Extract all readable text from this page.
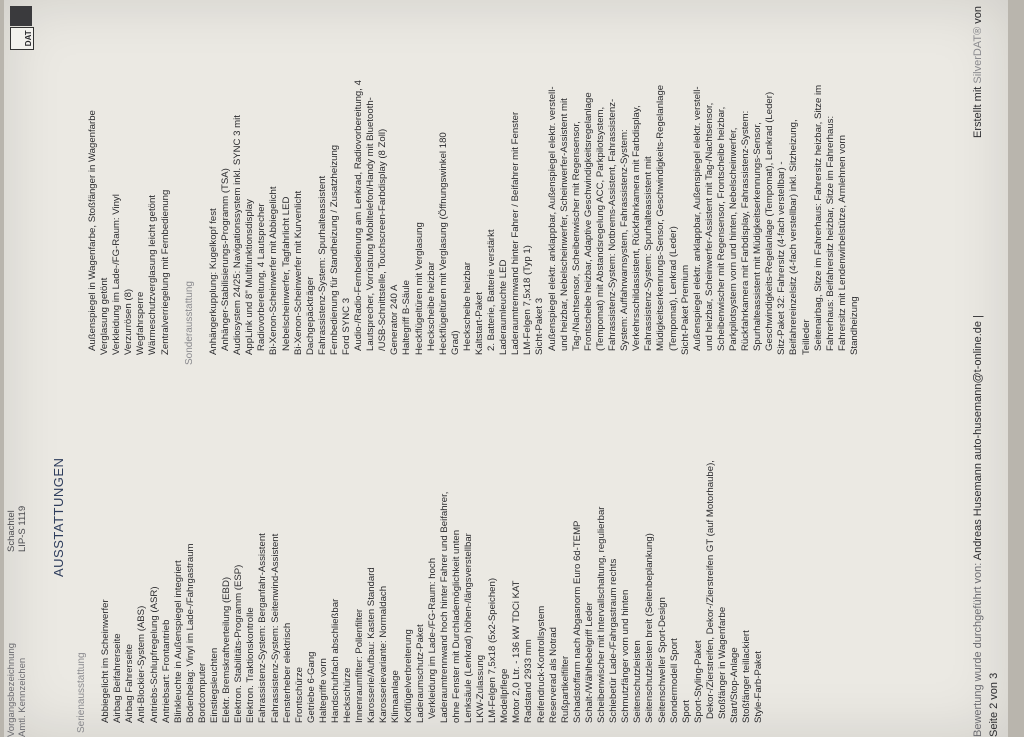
Vorgangsbezeichnung
Schachtel
Amtl. Kennzeichen
LIP-S 1119
DAT
AUSSTATTUNGEN
Serienausstattung
Abbiegelicht im Scheinwerfer Airbag Beifahrerseite Airbag Fahrerseite Anti-Blockier-System (ABS) Antriebs-Schlupfregelung (ASR) Antriebsart: Frontantrieb Blinkleuchte in Außenspiegel integriert Bodenbelag: Vinyl im Lade-/Fahrgastraum Bordcomputer Einstiegsleuchten Elektr. Bremskraftverteilung (EBD) Elektron. Stabilitäts-Programm (ESP) Elektron. Traktionskontrolle Fahrassistenz-System: Berganfahr-Assistent Fahrassistenz-System: Seitenwind-Assistent Fensterheber elektrisch Frontschürze Getriebe 6-Gang Haltegriffe vorn Handschuhfach abschließbar Heckschürze Innenraumfilter: Pollenfilter Karosserie/Aufbau: Kasten Standard Karosserievariante: Normaldach Klimaanlage Kotflügelverbreiterung Laderaumschutz-Paket Verkleidung im Lade-/FG-Raum: hoch Laderaumtrennwand hoch hinter Fahrer und Beifahrer, ohne Fenster mit Durchlademöglichkeit unten Lenksäule (Lenkrad) höhen-/längsverstellbar LKW-Zulassung LM-Felgen 7,5x18 (5x2-Speichen) Modellpflege Motor 2,0 Ltr. - 136 kW TDCi KAT Radstand 2933 mm Reifendruck-Kontrollsystem Reserverad als Notrad Rußpartikelfilter Schadstoffarm nach Abgasnorm Euro 6d-TEMP Schalt-/Wählhebelgriff Leder Scheibenwischer mit Intervallschaltung, regulierbar Schiebetür Lade-/Fahrgastraum rechts Schmutzfänger vorn und hinten Seitenschutzleisten Seitenschutzleisten breit (Seitenbeplankung) Seitenschweller Sport-Design Sondermodell Sport Sport Sport-Styling-Paket Dekor-/Zierstreifen, Dekor-/Zierstreifen GT (auf Motorhaube), Stoßfänger in Wagenfarbe Start/Stop-Anlage Stoßfänger teillackiert Style-Farb-Paket
Außenspiegel in Wagenfarbe, Stoßfänger in Wagenfarbe Verglasung getönt Verkleidung im Lade-/FG-Raum: Vinyl Verzurrösen (8) Wegfahrsperre Wärmeschutzverglasung leicht getönt Zentralverriegelung mit Fernbedienung
Sonderausstattung
Anhängerkupplung: Kugelkopf fest Anhänger-Stabilisierungs-Programm (TSA) Audiosystem 24/25: Navigationssystem inkl. SYNC 3 mit AppLink und 8" Multifunktionsdisplay Radiovorbereitung, 4 Lautsprecher Bi-Xenon-Scheinwerfer mit Abbiegelicht Nebelscheinwerfer, Tagfahrlicht LED Bi-Xenon-Scheinwerfer mit Kurvenlicht Dachgepäckträger Fahrassistenz-System: Spurhalteassistent Fernbedienung für Standheizung / Zusatzheizung Ford SYNC 3 Audio-/Radio-Fernbedienung am Lenkrad, Radiovorbereitung, 4 Lautsprecher, Vorrüstung Mobiltelefon/Handy mit Bluetooth- /USB-Schnittstelle, Touchscreen-Farbdisplay (8 Zoll) Generator 240 A Haltegriff B-Säule Heckflügeltüren mit Verglasung Heckscheibe heizbar Heckflügeltüren mit Verglasung (Öffnungswinkel 180 Grad) Heckscheibe heizbar Kaltstart-Paket 2. Batterie, Batterie verstärkt Laderaumleuchte LED Laderaumtrennwand hinter Fahrer / Beifahrer mit Fenster LM-Felgen 7,5x18 (Typ 1) Sicht-Paket 3 Außenspiegel elektr. anklappbar, Außenspiegel elektr. verstell- und heizbar, Nebelscheinwerfer, Scheinwerfer-Assistent mit Tag-/Nachtsensor, Scheibenwischer mit Regensensor, Frontscheibe heizbar, Adaptive Geschwindigkeitsregelanlage (Tempomat) mit Abstandsregelung ACC, Parkpilotsystem, Fahrassistenz-System: Notbrems-Assistent, Fahrassistenz- System: Auffahrwarnsystem, Fahrassistenz-System: Verkehrsschildassistent, Rückfahrkamera mit Farbdisplay, Fahrassistenz-System: Spurhalteassistent mit Müdigkeitserkennungs-Sensor, Geschwindigkeits-Regelanlage (Tempomat), Lenkrad (Leder) Sicht-Paket Premium Außenspiegel elektr. anklappbar, Außenspiegel elektr. verstell- und heizbar, Scheinwerfer-Assistent mit Tag-/Nachtsensor, Scheibenwischer mit Regensensor, Frontscheibe heizbar, Parkpilotsystem vorn und hinten, Nebelscheinwerfer, Rückfahrkamera mit Farbdisplay, Fahrassistenz-System: Spurhalteassistent mit Müdigkeitserkennungs-Sensor, Geschwindigkeits-Regelanlage (Tempomat), Lenkrad (Leder) Sitz-Paket 32: Fahrersitz (4-fach verstellbar) - Beifahrereinzelsitz (4-fach verstellbar) inkl. Sitzheizung, Teilleder Seitenairbag, Sitze im Fahrerhaus: Fahrersitz heizbar, Sitze im Fahrerhaus: Beifahrersitz heizbar, Sitze im Fahrerhaus: Fahrersitz mit Lendenwirbelstütze, Armlehnen vorn Standheizung
Bewertung wurde durchgeführt von: Andreas Husemann auto-husemann@t-online.de |
Erstellt mit SilverDAT® von
Seite 2 von 3
